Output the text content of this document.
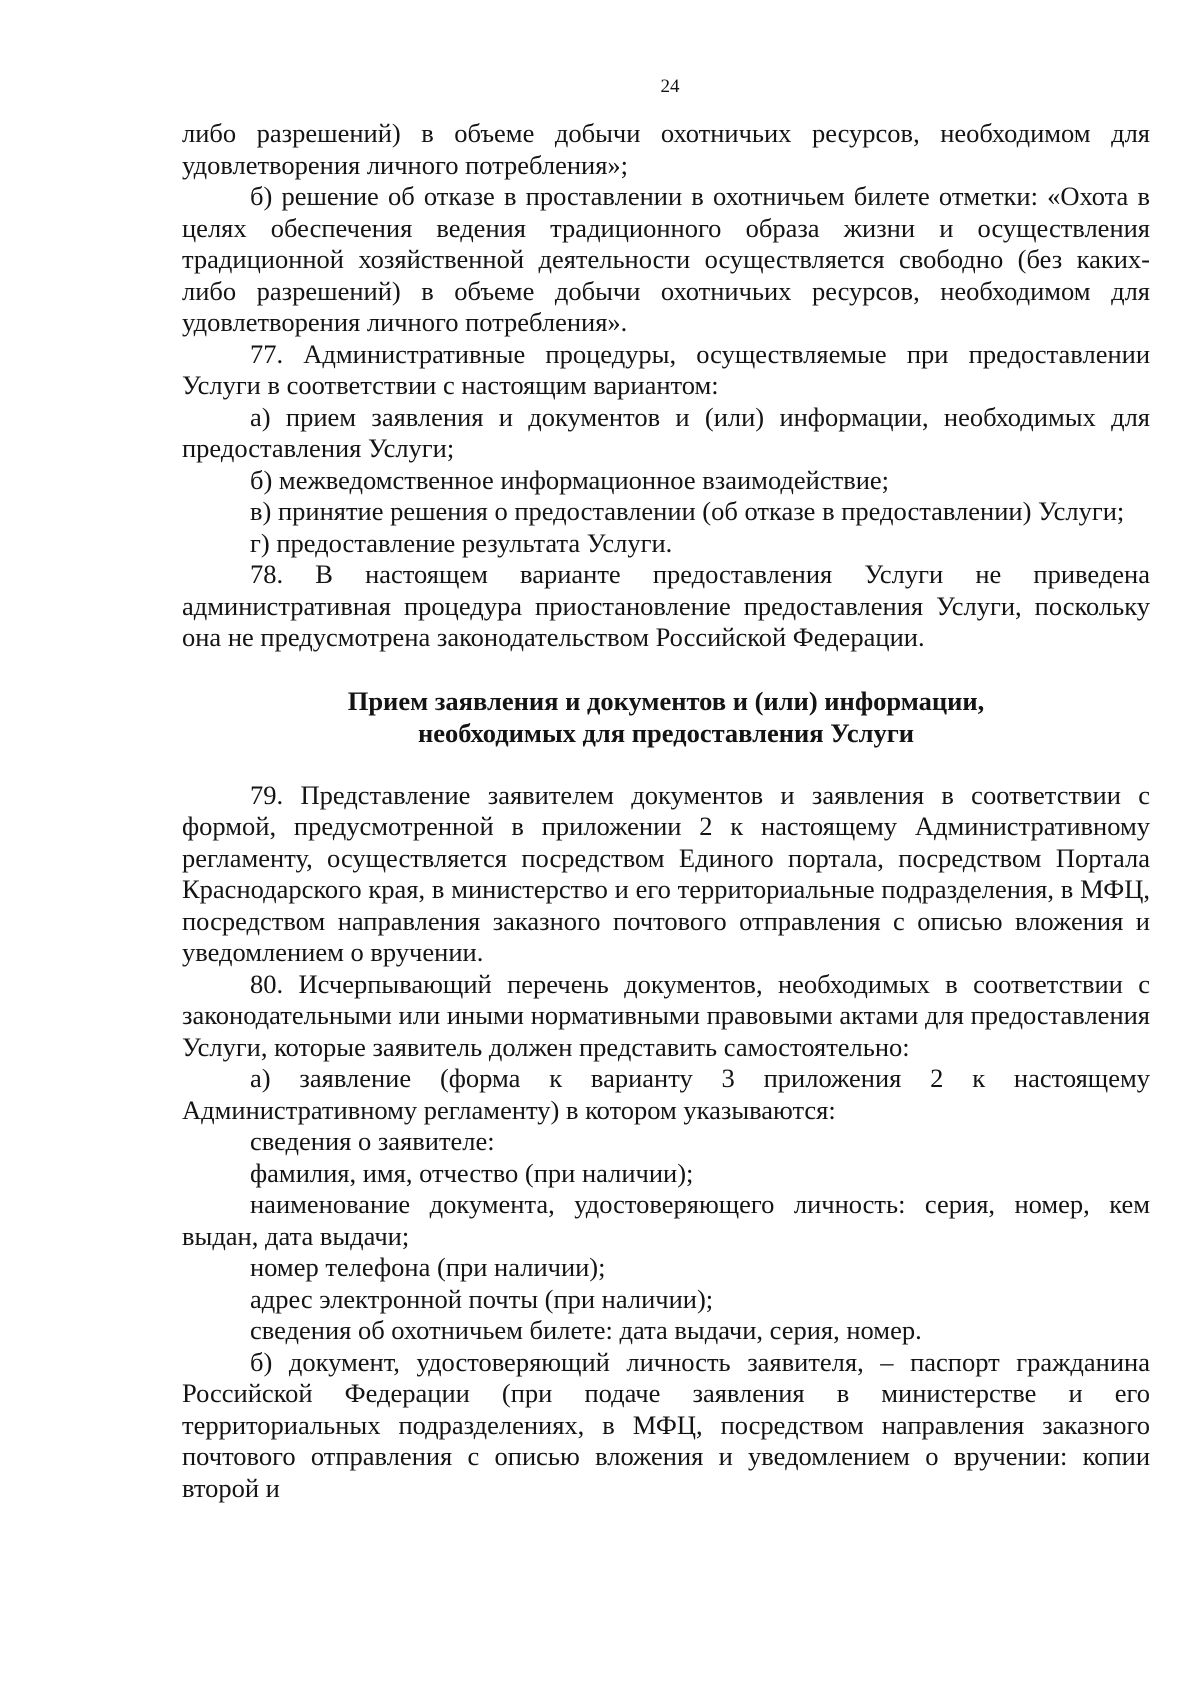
24

либо разрешений) в объеме добычи охотничьих ресурсов, необходимом для удовлетворения личного потребления»;

б) решение об отказе в проставлении в охотничьем билете отметки: «Охота в целях обеспечения ведения традиционного образа жизни и осуществления традиционной хозяйственной деятельности осуществляется свободно (без каких-либо разрешений) в объеме добычи охотничьих ресурсов, необходимом для удовлетворения личного потребления».

77. Административные процедуры, осуществляемые при предоставлении Услуги в соответствии с настоящим вариантом:

а) прием заявления и документов и (или) информации, необходимых для предоставления Услуги;

б) межведомственное информационное взаимодействие;

в) принятие решения о предоставлении (об отказе в предоставлении) Услуги;

г) предоставление результата Услуги.

78. В настоящем варианте предоставления Услуги не приведена административная процедура приостановление предоставления Услуги, поскольку она не предусмотрена законодательством Российской Федерации.

Прием заявления и документов и (или) информации,
необходимых для предоставления Услуги

79. Представление заявителем документов и заявления в соответствии с формой, предусмотренной в приложении 2 к настоящему Административному регламенту, осуществляется посредством Единого портала, посредством Портала Краснодарского края, в министерство и его территориальные подразделения, в МФЦ, посредством направления заказного почтового отправления с описью вложения и уведомлением о вручении.

80. Исчерпывающий перечень документов, необходимых в соответствии с законодательными или иными нормативными правовыми актами для предоставления Услуги, которые заявитель должен представить самостоятельно:

а) заявление (форма к варианту 3 приложения 2 к настоящему Административному регламенту) в котором указываются:

сведения о заявителе:

фамилия, имя, отчество (при наличии);

наименование документа, удостоверяющего личность: серия, номер, кем выдан, дата выдачи;

номер телефона (при наличии);

адрес электронной почты (при наличии);

сведения об охотничьем билете: дата выдачи, серия, номер.

б) документ, удостоверяющий личность заявителя, – паспорт гражданина Российской Федерации (при подаче заявления в министерстве и его территориальных подразделениях, в МФЦ, посредством направления заказного почтового отправления с описью вложения и уведомлением о вручении: копии второй и
